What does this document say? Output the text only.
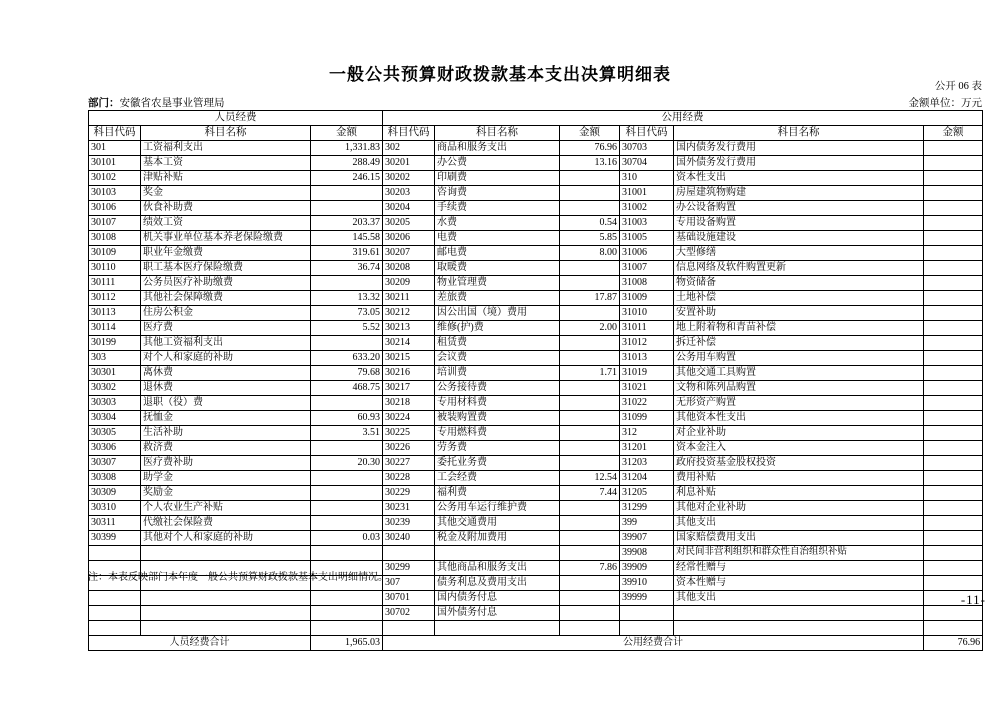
一般公共预算财政拨款基本支出决算明细表
公开 06 表
部门：安徽省农垦事业管理局	金额单位：万元
人员经费			公用经费					
科目代码	科目名称	金额	科目代码	科目名称	金额	科目代码	科目名称	金额
301	工资福利支出	1,331.83	302	商品和服务支出	76.96	30703	国内债务发行费用	
30101	基本工资	288.49	30201	办公费	13.16	30704	国外债务发行费用	
30102	津贴补贴	246.15	30202	印刷费		310	资本性支出	
30103	奖金		30203	咨询费		31001	房屋建筑物购建	
30106	伙食补助费		30204	手续费		31002	办公设备购置	
30107	绩效工资	203.37	30205	水费	0.54	31003	专用设备购置	
30108	机关事业单位基本养老保险缴费	145.58	30206	电费	5.85	31005	基础设施建设	
30109	职业年金缴费	319.61	30207	邮电费	8.00	31006	大型修缮	
30110	职工基本医疗保险缴费	36.74	30208	取暖费		31007	信息网络及软件购置更新	
30111	公务员医疗补助缴费		30209	物业管理费		31008	物资储备	
30112	其他社会保障缴费	13.32	30211	差旅费	17.87	31009	土地补偿	
30113	住房公积金	73.05	30212	因公出国（境）费用		31010	安置补助	
30114	医疗费	5.52	30213	维修(护)费	2.00	31011	地上附着物和青苗补偿	
30199	其他工资福利支出		30214	租赁费		31012	拆迁补偿	
303	对个人和家庭的补助	633.20	30215	会议费		31013	公务用车购置	
30301	离休费	79.68	30216	培训费	1.71	31019	其他交通工具购置	
30302	退休费	468.75	30217	公务接待费		31021	文物和陈列品购置	
30303	退职（役）费		30218	专用材料费		31022	无形资产购置	
30304	抚恤金	60.93	30224	被装购置费		31099	其他资本性支出	
30305	生活补助	3.51	30225	专用燃料费		312	对企业补助	
30306	救济费		30226	劳务费		31201	资本金注入	
30307	医疗费补助	20.30	30227	委托业务费		31203	政府投资基金股权投资	
30308	助学金		30228	工会经费	12.54	31204	费用补贴	
30309	奖励金		30229	福利费	7.44	31205	利息补贴	
30310	个人农业生产补贴		30231	公务用车运行维护费		31299	其他对企业补助	
30311	代缴社会保险费		30239	其他交通费用		399	其他支出	
30399	其他对个人和家庭的补助	0.03	30240	税金及附加费用		39907	国家赔偿费用支出	
						39908	对民间非营利组织和群众性自治组织补贴	
			30299	其他商品和服务支出	7.86	39909	经常性赠与	
			307	债务利息及费用支出		39910	资本性赠与	
			30701	国内债务付息		39999	其他支出	
			30702	国外债务付息				

人员经费合计		1,965.03	公用经费合计					76.96
注：本表反映部门本年度一般公共预算财政拨款基本支出明细情况。
-11-
